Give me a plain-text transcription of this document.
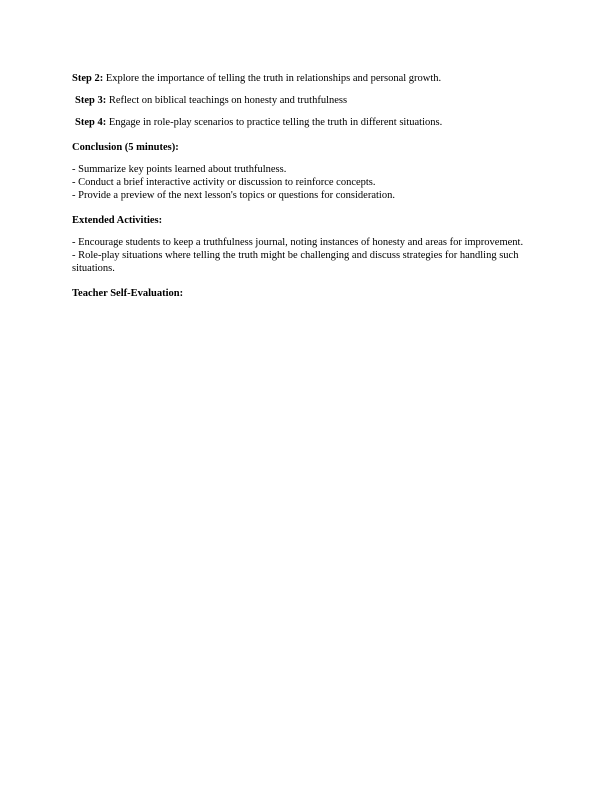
Step 2: Explore the importance of telling the truth in relationships and personal growth.

Step 3: Reflect on biblical teachings on honesty and truthfulness

Step 4: Engage in role-play scenarios to practice telling the truth in different situations.

Conclusion (5 minutes):
- Summarize key points learned about truthfulness.
- Conduct a brief interactive activity or discussion to reinforce concepts.
- Provide a preview of the next lesson's topics or questions for consideration.
Extended Activities:
- Encourage students to keep a truthfulness journal, noting instances of honesty and areas for improvement.
- Role-play situations where telling the truth might be challenging and discuss strategies for handling such situations.
Teacher Self-Evaluation:
